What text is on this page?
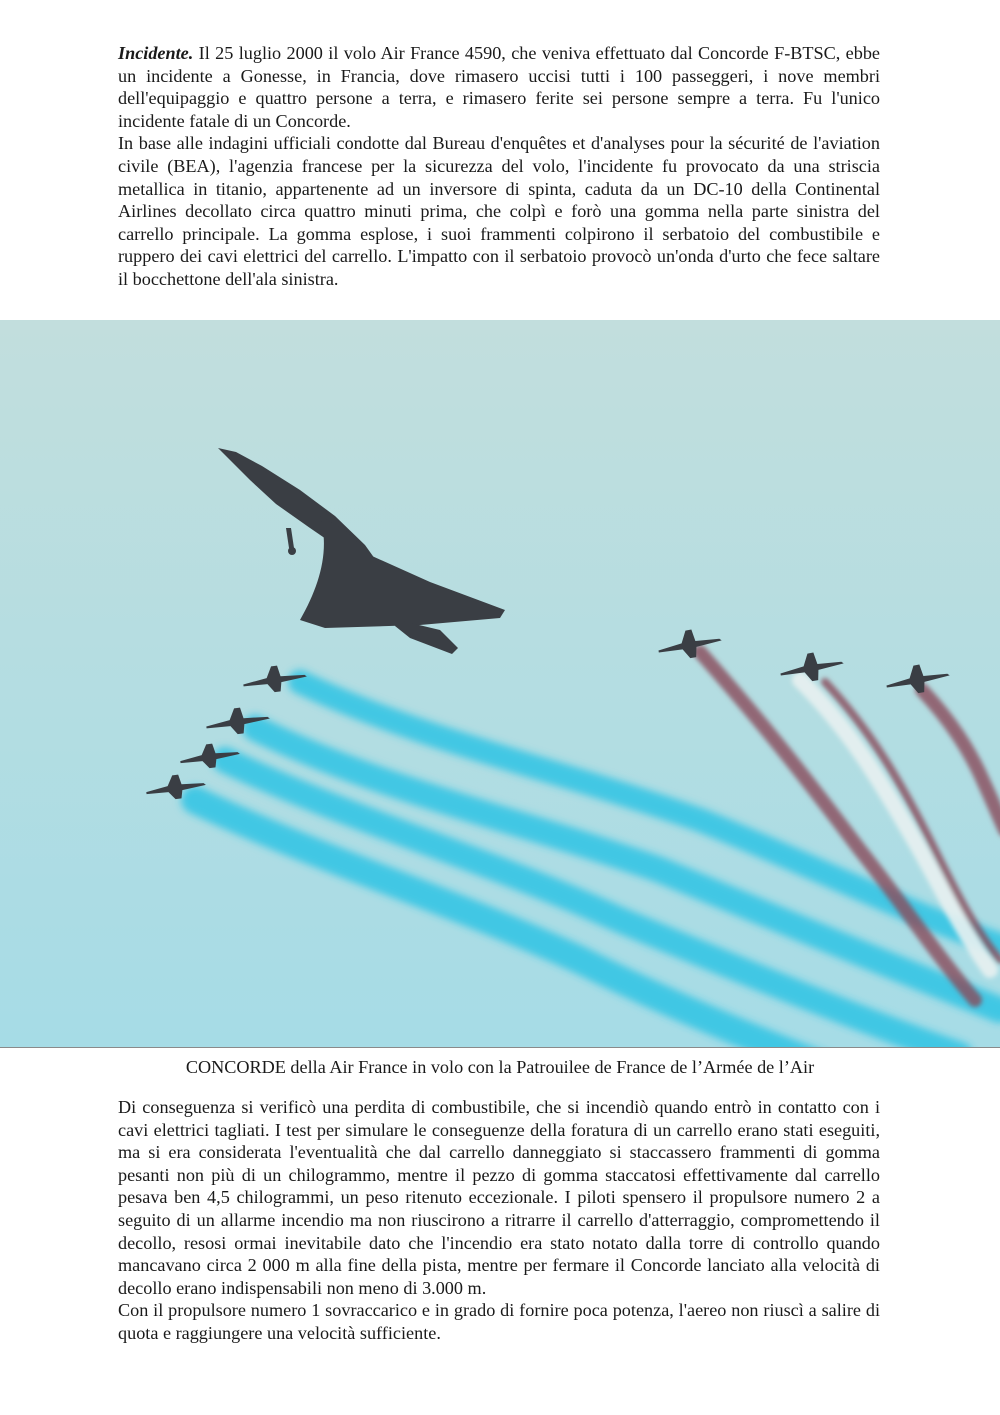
Incidente. Il 25 luglio 2000 il volo Air France 4590, che veniva effettuato dal Concorde F-BTSC, ebbe un incidente a Gonesse, in Francia, dove rimasero uccisi tutti i 100 passeggeri, i nove membri dell'equipaggio e quattro persone a terra, e rimasero ferite sei persone sempre a terra. Fu l'unico incidente fatale di un Concorde.

In base alle indagini ufficiali condotte dal Bureau d'enquêtes et d'analyses pour la sécurité de l'aviation civile (BEA), l'agenzia francese per la sicurezza del volo, l'incidente fu provocato da una striscia metallica in titanio, appartenente ad un inversore di spinta, caduta da un DC-10 della Continental Airlines decollato circa quattro minuti prima, che colpì e forò una gomma nella parte sinistra del carrello principale. La gomma esplose, i suoi frammenti colpirono il serbatoio del combustibile e ruppero dei cavi elettrici del carrello. L'impatto con il serbatoio provocò un'onda d'urto che fece saltare il bocchettone dell'ala sinistra.

CONCORDE della Air France in volo con la Patrouilee de France de l’Armée de l’Air

Di conseguenza si verificò una perdita di combustibile, che si incendiò quando entrò in contatto con i cavi elettrici tagliati. I test per simulare le conseguenze della foratura di un carrello erano stati eseguiti, ma si era considerata l'eventualità che dal carrello danneggiato si staccassero frammenti di gomma pesanti non più di un chilogrammo, mentre il pezzo di gomma staccatosi effettivamente dal carrello pesava ben 4,5 chilogrammi, un peso ritenuto eccezionale. I piloti spensero il propulsore numero 2 a seguito di un allarme incendio ma non riuscirono a ritrarre il carrello d'atterraggio, compromettendo il decollo, resosi ormai inevitabile dato che l'incendio era stato notato dalla torre di controllo quando mancavano circa 2 000 m alla fine della pista, mentre per fermare il Concorde lanciato alla velocità di decollo erano indispensabili non meno di 3.000 m.

Con il propulsore numero 1 sovraccarico e in grado di fornire poca potenza, l'aereo non riuscì a salire di quota e raggiungere una velocità sufficiente.
